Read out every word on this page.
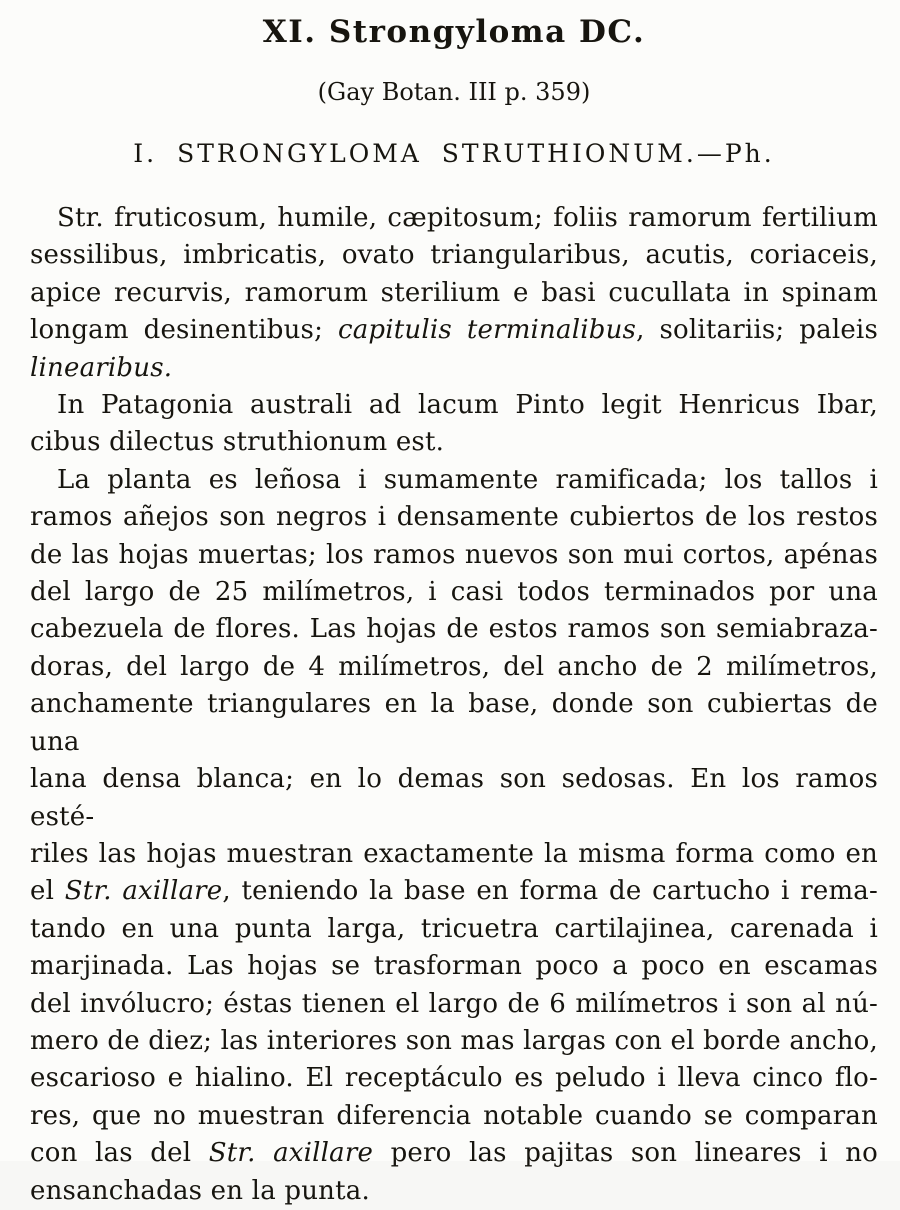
XI. Strongyloma DC.
(Gay Botan. III p. 359)
I. STRONGYLOMA STRUTHIONUM.—Ph.
Str. fruticosum, humile, cæpitosum; foliis ramorum fertilium
sessilibus, imbricatis, ovato triangularibus, acutis, coriaceis,
apice recurvis, ramorum sterilium e basi cucullata in spinam
longam desinentibus; capitulis terminalibus, solitariis; paleis
linearibus.
In Patagonia australi ad lacum Pinto legit Henricus Ibar,
cibus dilectus struthionum est.
La planta es leñosa i sumamente ramificada; los tallos i
ramos añejos son negros i densamente cubiertos de los restos
de las hojas muertas; los ramos nuevos son mui cortos, apénas
del largo de 25 milímetros, i casi todos terminados por una
cabezuela de flores. Las hojas de estos ramos son semiabraza-
doras, del largo de 4 milímetros, del ancho de 2 milímetros,
anchamente triangulares en la base, donde son cubiertas de una
lana densa blanca; en lo demas son sedosas. En los ramos esté-
riles las hojas muestran exactamente la misma forma como en
el Str. axillare, teniendo la base en forma de cartucho i rema-
tando en una punta larga, tricuetra cartilajinea, carenada i
marjinada. Las hojas se trasforman poco a poco en escamas
del invólucro; éstas tienen el largo de 6 milímetros i son al nú-
mero de diez; las interiores son mas largas con el borde ancho,
escarioso e hialino. El receptáculo es peludo i lleva cinco flo-
res, que no muestran diferencia notable cuando se comparan
con las del Str. axillare pero las pajitas son lineares i no
ensanchadas en la punta.
